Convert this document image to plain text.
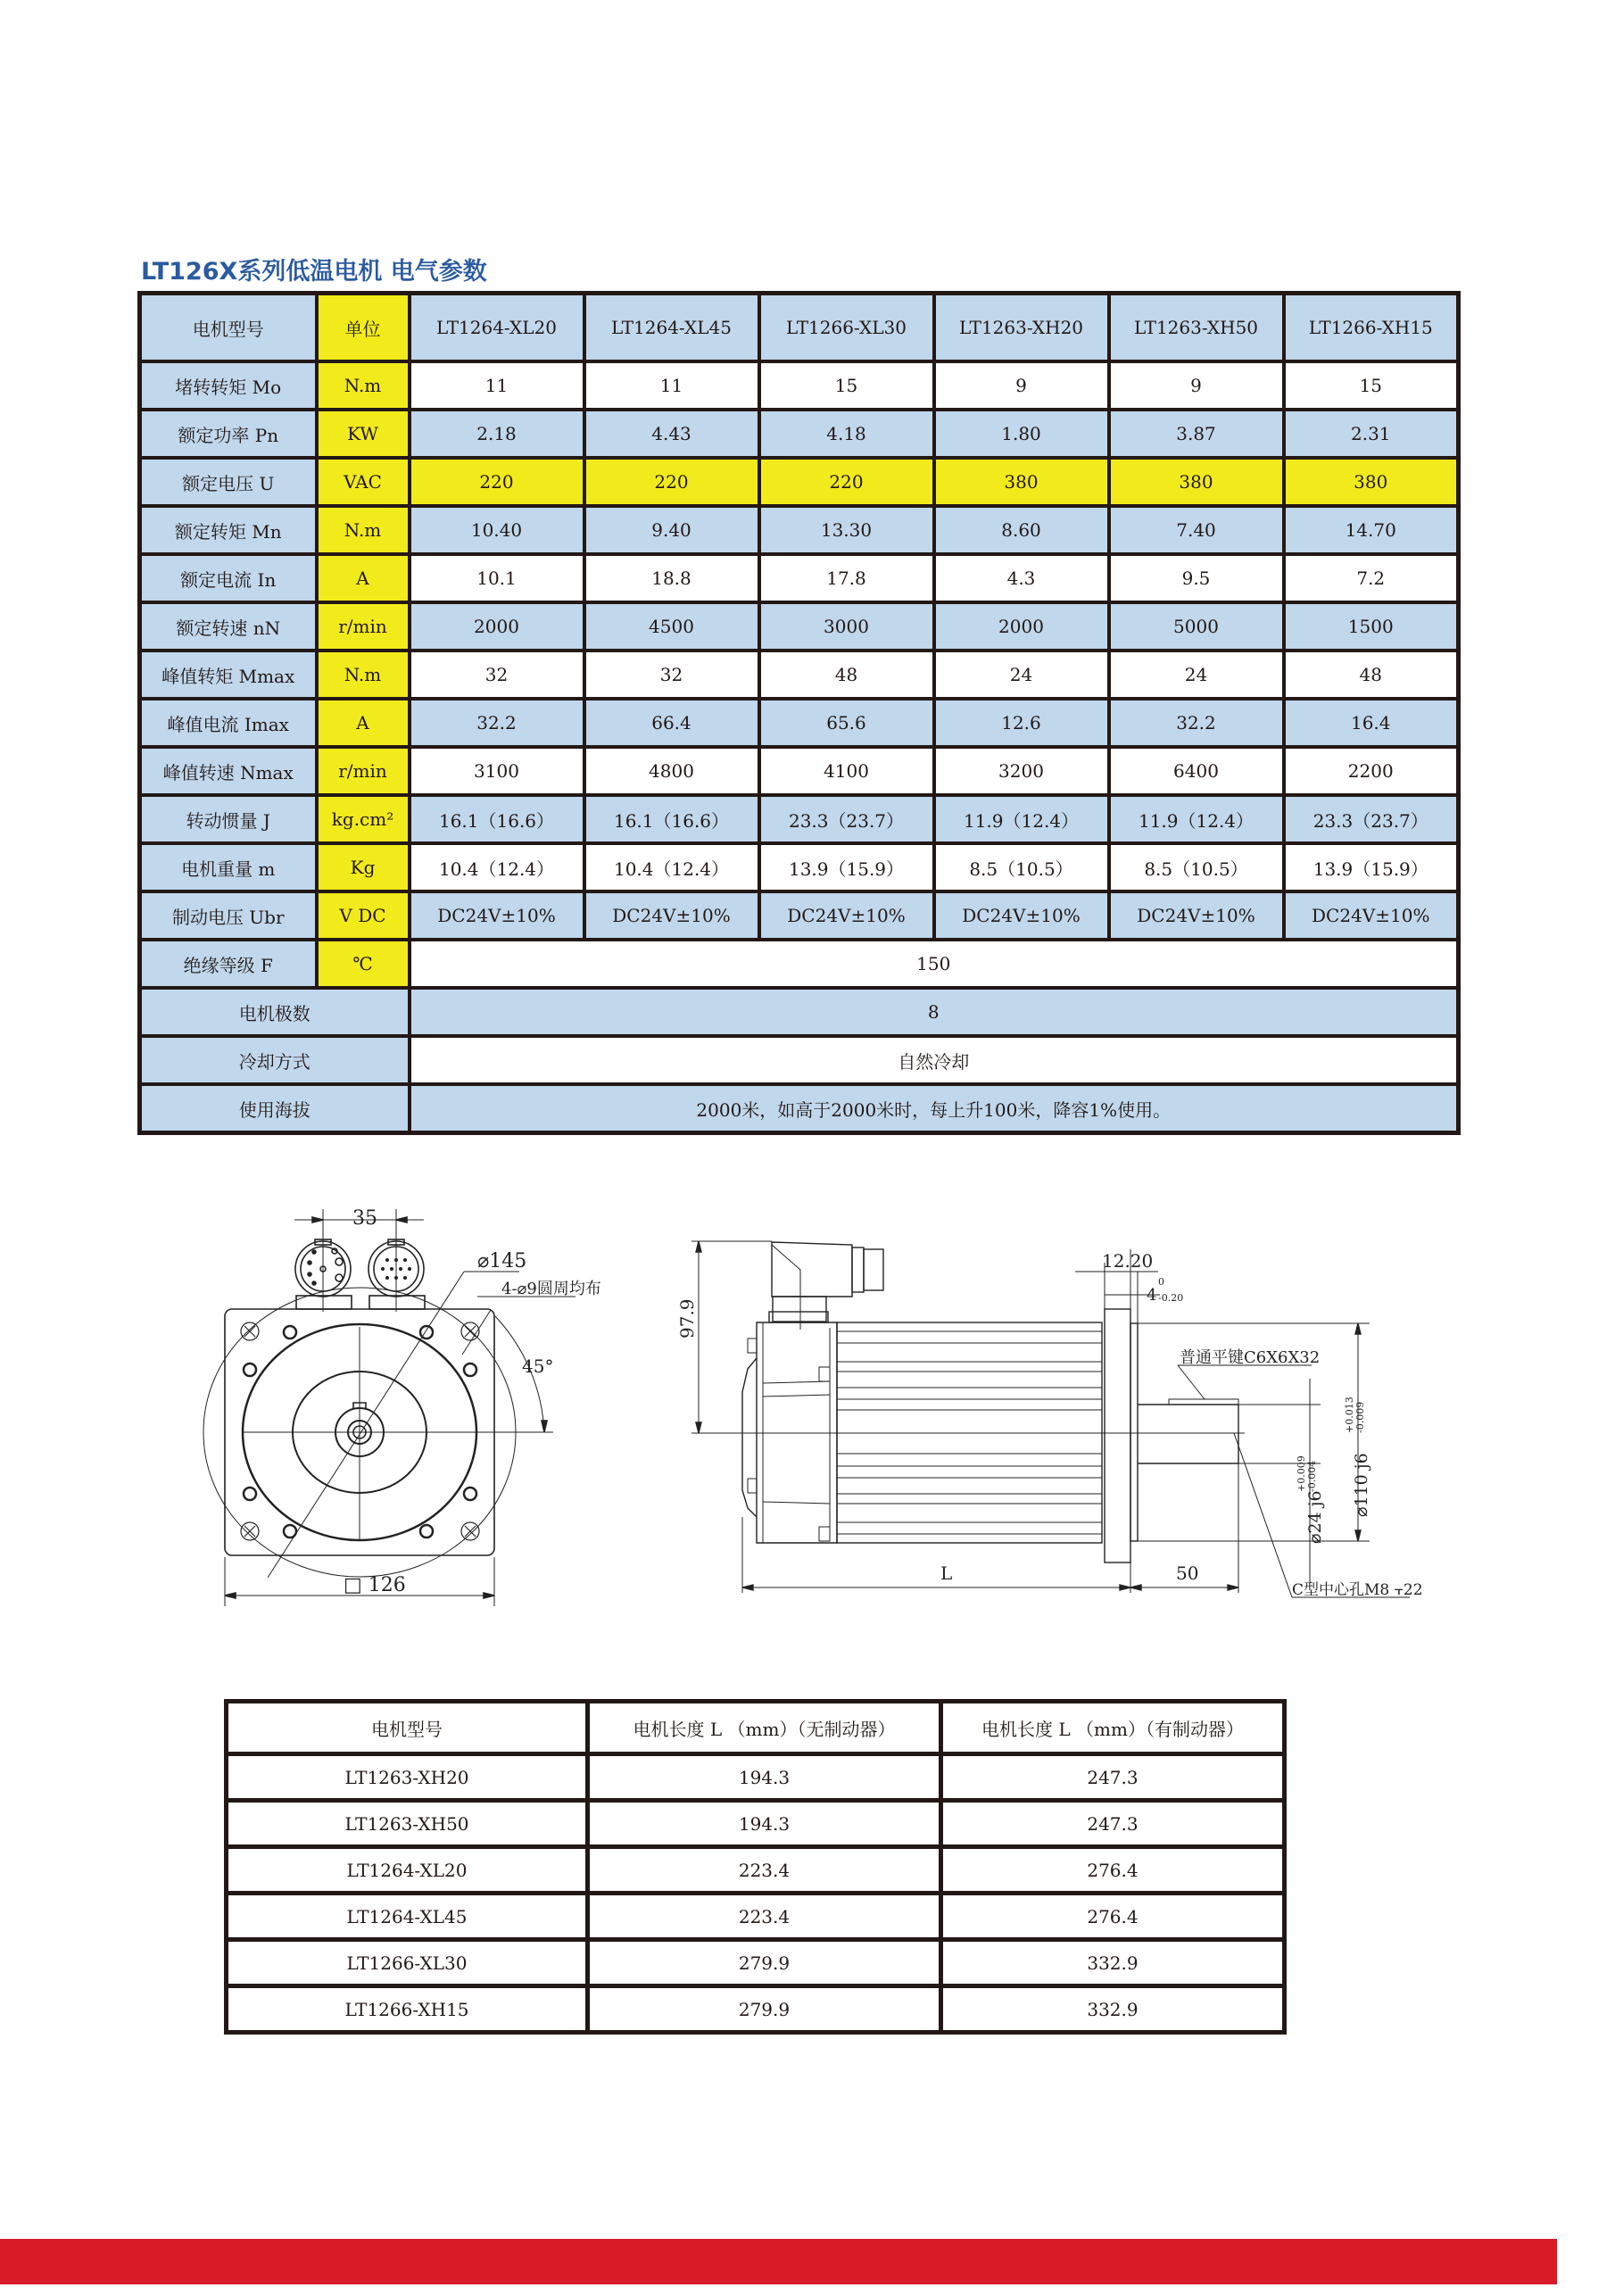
LT126X系列低温电机 电气参数
电机型号	单位	LT1264-XL20	LT1264-XL45	LT1266-XL30	LT1263-XH20	LT1263-XH50	LT1266-XH15
堵转转矩 Mo	N.m	11	11	15	9	9	15
额定功率 Pn	KW	2.18	4.43	4.18	1.80	3.87	2.31
额定电压 U	VAC	220	220	220	380	380	380
额定转矩 Mn	N.m	10.40	9.40	13.30	8.60	7.40	14.70
额定电流 In	A	10.1	18.8	17.8	4.3	9.5	7.2
额定转速 nN	r/min	2000	4500	3000	2000	5000	1500
峰值转矩 Mmax	N.m	32	32	48	24	24	48
峰值电流 Imax	A	32.2	66.4	65.6	12.6	32.2	16.4
峰值转速 Nmax	r/min	3100	4800	4100	3200	6400	2200
转动惯量 J	kg.cm²	16.1（16.6）	16.1（16.6）	23.3（23.7）	11.9（12.4）	11.9（12.4）	23.3（23.7）
电机重量 m	Kg	10.4（12.4）	10.4（12.4）	13.9（15.9）	8.5（10.5）	8.5（10.5）	13.9（15.9）
制动电压 Ubr	V DC	DC24V±10%	DC24V±10%	DC24V±10%	DC24V±10%	DC24V±10%	DC24V±10%
绝缘等级 F	℃	150					
电机极数		8					
冷却方式		自然冷却					
使用海拔		2000米，如高于2000米时，每上升100米，降容1%使用。					
35
⌀145
4-⌀9圆周均布
45°
□ 126
97.9
12.20
4
0
-0.20
普通平键C6X6X32
⌀110 j6
+0.013 -0.009
⌀24 j6
+0.009 -0.004
L	50
C型中心孔M8 ⫟22
电机型号	电机长度 L （mm）（无制动器）	电机长度 L （mm）（有制动器）
LT1263-XH20	194.3	247.3
LT1263-XH50	194.3	247.3
LT1264-XL20	223.4	276.4
LT1264-XL45	223.4	276.4
LT1266-XL30	279.9	332.9
LT1266-XH15	279.9	332.9
